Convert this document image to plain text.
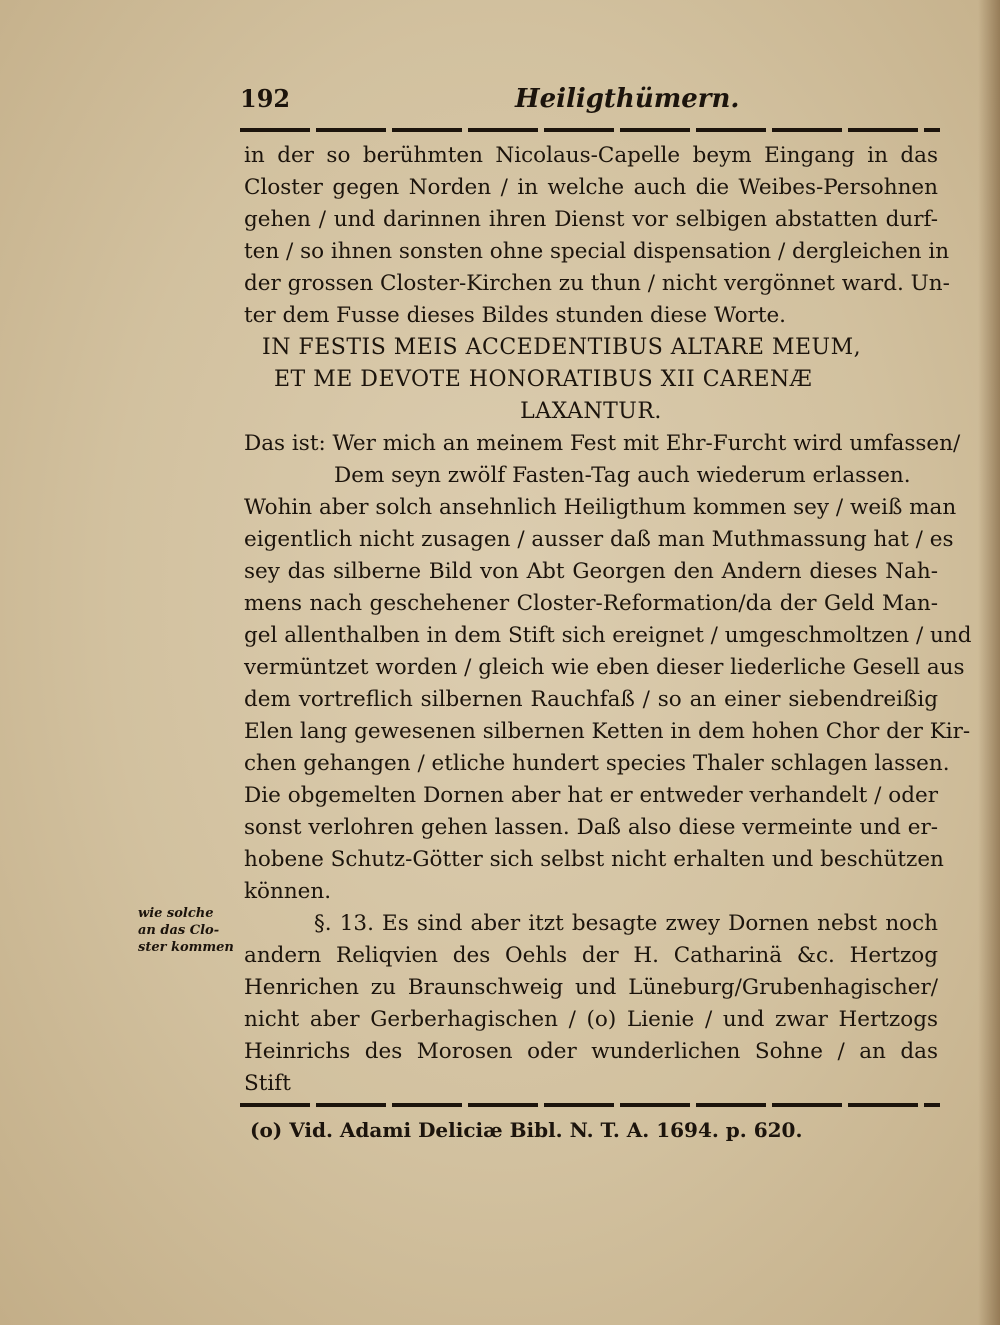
192	Heiligthümern.
in der so berühmten Nicolaus-Capelle beym Eingang in das
Closter gegen Norden / in welche auch die Weibes-Persohnen
gehen / und darinnen ihren Dienst vor selbigen abstatten durf-
ten / so ihnen sonsten ohne special dispensation / dergleichen in
der grossen Closter-Kirchen zu thun / nicht vergönnet ward. Un-
ter dem Fusse dieses Bildes stunden diese Worte.
IN FESTIS MEIS ACCEDENTIBUS ALTARE MEUM,
ET ME DEVOTE HONORATIBUS XII CARENÆ
LAXANTUR.
Das ist: Wer mich an meinem Fest mit Ehr-Furcht wird umfassen/
Dem seyn zwölf Fasten-Tag auch wiederum erlassen.
Wohin aber solch ansehnlich Heiligthum kommen sey / weiß man
eigentlich nicht zusagen / ausser daß man Muthmassung hat / es
sey das silberne Bild von Abt Georgen den Andern dieses Nah-
mens nach geschehener Closter-Reformation/da der Geld Man-
gel allenthalben in dem Stift sich ereignet / umgeschmoltzen / und
vermüntzet worden / gleich wie eben dieser liederliche Gesell aus
dem vortreflich silbernen Rauchfaß / so an einer siebendreißig
Elen lang gewesenen silbernen Ketten in dem hohen Chor der Kir-
chen gehangen / etliche hundert species Thaler schlagen lassen.
Die obgemelten Dornen aber hat er entweder verhandelt / oder
sonst verlohren gehen lassen. Daß also diese vermeinte und er-
hobene Schutz-Götter sich selbst nicht erhalten und beschützen
können.
§. 13. Es sind aber itzt besagte zwey Dornen nebst noch
andern Reliqvien des Oehls der H. Catharinä &c. Hertzog
Henrichen zu Braunschweig und Lüneburg/Grubenhagischer/
nicht aber Gerberhagischen / (o) Lienie / und zwar Hertzogs
Heinrichs des Morosen oder wunderlichen Sohne / an das
Stift
wie solche
an das Clo-
ster kommen
(o) Vid. Adami Deliciæ Bibl. N. T. A. 1694. p. 620.
